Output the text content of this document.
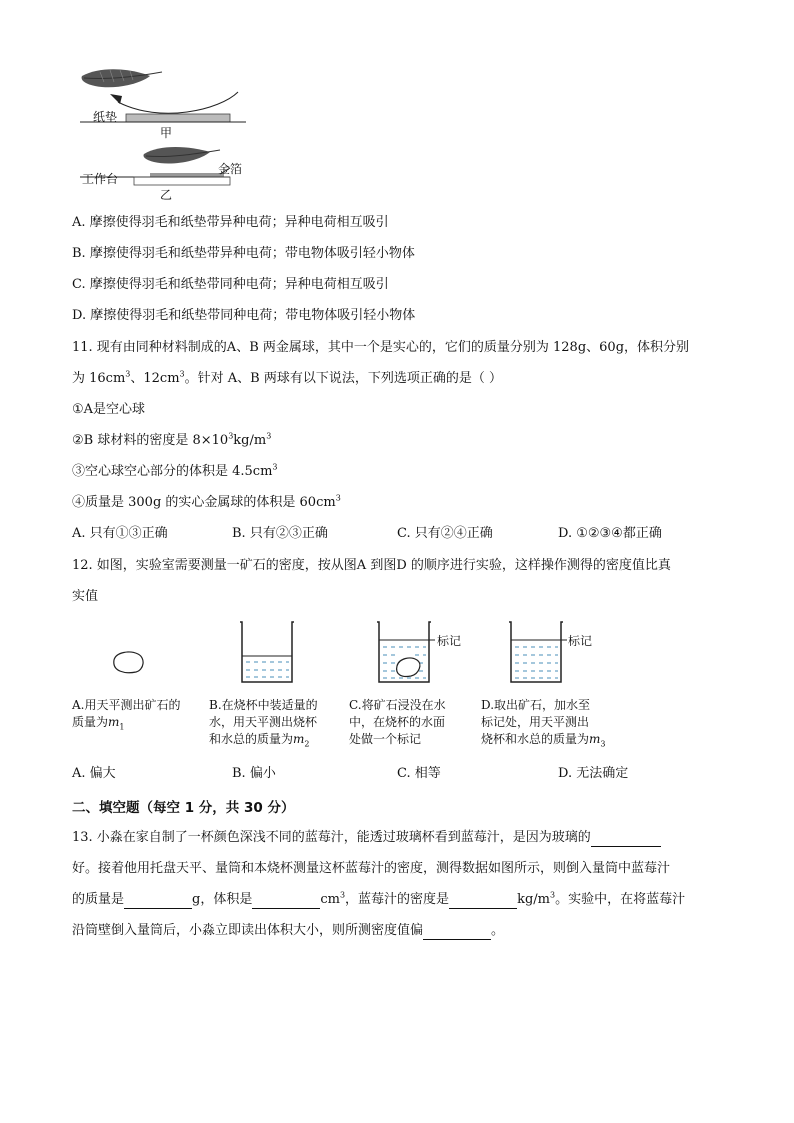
纸垫
甲
工作台
金箔
乙
A. 摩擦使得羽毛和纸垫带异种电荷；异种电荷相互吸引
B. 摩擦使得羽毛和纸垫带异种电荷；带电物体吸引轻小物体
C. 摩擦使得羽毛和纸垫带同种电荷；异种电荷相互吸引
D. 摩擦使得羽毛和纸垫带同种电荷；带电物体吸引轻小物体
11. 现有由同种材料制成的A、B 两金属球，其中一个是实心的，它们的质量分别为 128g、60g，体积分别
为 $16cm^3$、$12cm^3$。针对 A、B 两球有以下说法，下列选项正确的是（ ）
①A是空心球
②B 球材料的密度是 $8\times 10^3kg/m^3$
③空心球空心部分的体积是 $4.5cm^3$
④质量是 300g 的实心金属球的体积是 $60cm^3$
A. 只有①③正确	B. 只有②③正确	C. 只有②④正确	D. ①②③④都正确
12. 如图，实验室需要测量一矿石的密度，按从图A 到图D 的顺序进行实验，这样操作测得的密度值比真
实值
标记	标记
A.用天平测出矿石的
质量为$m_1$
B.在烧杯中装适量的
水，用天平测出烧杯
和水总的质量为$m_2$
C.将矿石浸没在水
中，在烧杯的水面
处做一个标记
D.取出矿石，加水至
标记处，用天平测出
烧杯和水总的质量为$m_3$
A. 偏大	B. 偏小	C. 相等	D. 无法确定
二、填空题（每空 1 分，共 30 分）
13. 小淼在家自制了一杯颜色深浅不同的蓝莓汁，能透过玻璃杯看到蓝莓汁，是因为玻璃的
好。接着他用托盘天平、量筒和本烧杯测量这杯蓝莓汁的密度，测得数据如图所示，则倒入量筒中蓝莓汁
的质量是	g，体积是	$cm^3$，蓝莓汁的密度是	$kg/m^3$。实验中，在将蓝莓汁
沿筒壁倒入量筒后，小淼立即读出体积大小，则所测密度值偏	。
